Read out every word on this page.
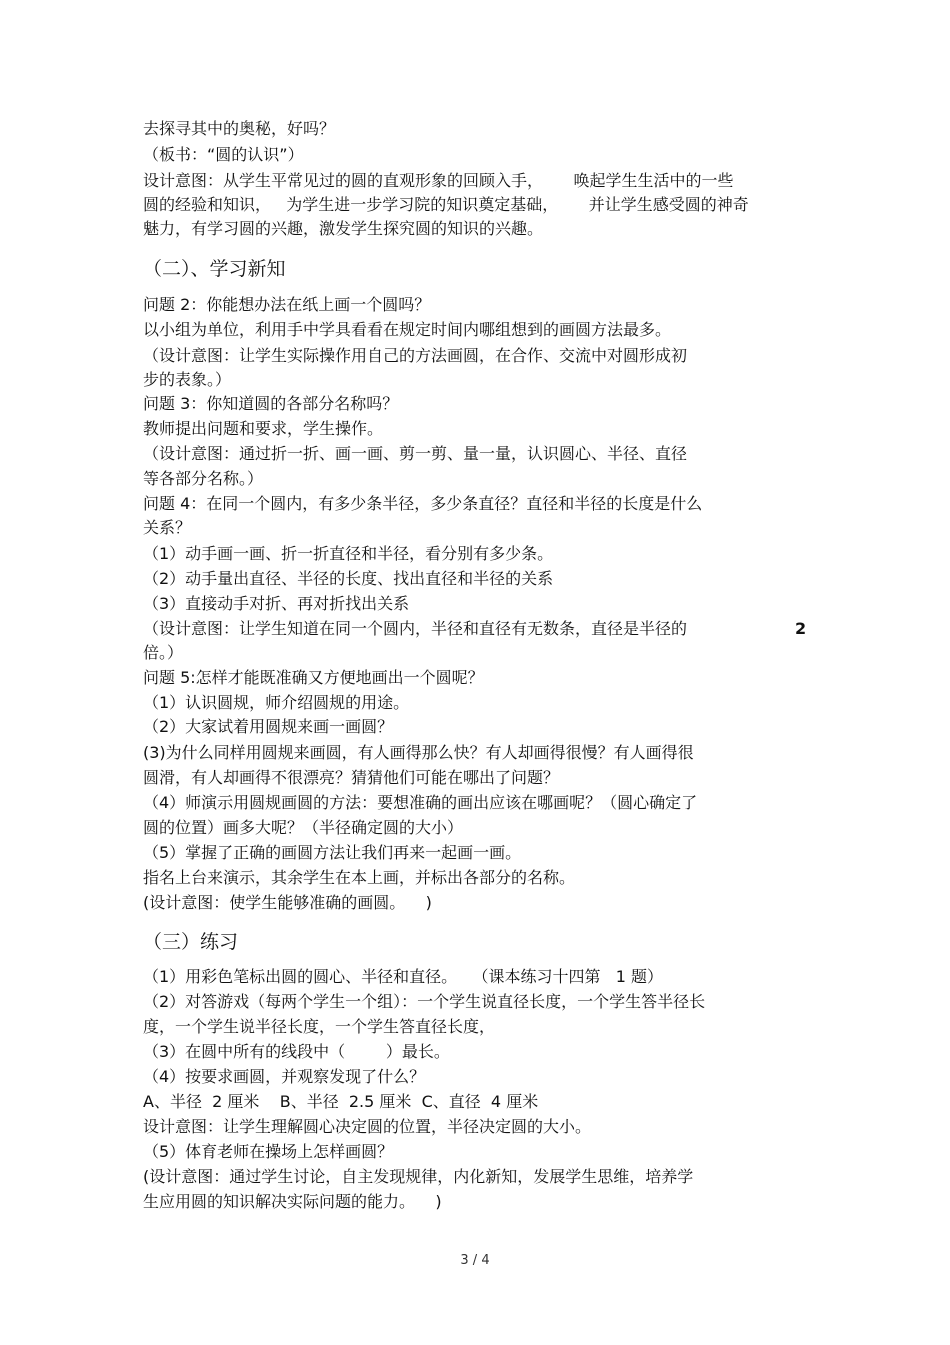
去探寻其中的奥秘，好吗？
（板书：“圆的认识”）
设计意图：从学生平常见过的圆的直观形象的回顾入手，      唤起学生生活中的一些
圆的经验和知识，   为学生进一步学习院的知识奠定基础，      并让学生感受圆的神奇
魅力，有学习圆的兴趣，激发学生探究圆的知识的兴趣。
（二）、学习新知
问题 2：你能想办法在纸上画一个圆吗？
以小组为单位，利用手中学具看看在规定时间内哪组想到的画圆方法最多。
（设计意图：让学生实际操作用自己的方法画圆，在合作、交流中对圆形成初
步的表象。）
问题 3：你知道圆的各部分名称吗？
教师提出问题和要求，学生操作。
（设计意图：通过折一折、画一画、剪一剪、量一量，认识圆心、半径、直径
等各部分名称。）
问题 4：在同一个圆内，有多少条半径，多少条直径？直径和半径的长度是什么
关系？
（1）动手画一画、折一折直径和半径，看分别有多少条。
（2）动手量出直径、半径的长度、找出直径和半径的关系
（3）直接动手对折、再对折找出关系
（设计意图：让学生知道在同一个圆内，半径和直径有无数条，直径是半径的	2
倍。）
问题 5:怎样才能既准确又方便地画出一个圆呢？
（1）认识圆规，师介绍圆规的用途。
（2）大家试着用圆规来画一画圆？
(3)为什么同样用圆规来画圆，有人画得那么快？有人却画得很慢？有人画得很
圆滑，有人却画得不很漂亮？猜猜他们可能在哪出了问题？
（4）师演示用圆规画圆的方法：要想准确的画出应该在哪画呢？（圆心确定了
圆的位置）画多大呢？（半径确定圆的大小）
（5）掌握了正确的画圆方法让我们再来一起画一画。
指名上台来演示，其余学生在本上画，并标出各部分的名称。
(设计意图：使学生能够准确的画圆。    )
（三）练习
（1）用彩色笔标出圆的圆心、半径和直径。   （课本练习十四第   1 题）
（2）对答游戏（每两个学生一个组）：一个学生说直径长度，一个学生答半径长
度，一个学生说半径长度，一个学生答直径长度，
（3）在圆中所有的线段中（        ）最长。
（4）按要求画圆，并观察发现了什么？
A、半径  2 厘米    B、半径  2.5 厘米  C、直径  4 厘米
设计意图：让学生理解圆心决定圆的位置，半径决定圆的大小。
（5）体育老师在操场上怎样画圆？
(设计意图：通过学生讨论，自主发现规律，内化新知，发展学生思维，培养学
生应用圆的知识解决实际问题的能力。    )
3 / 4
